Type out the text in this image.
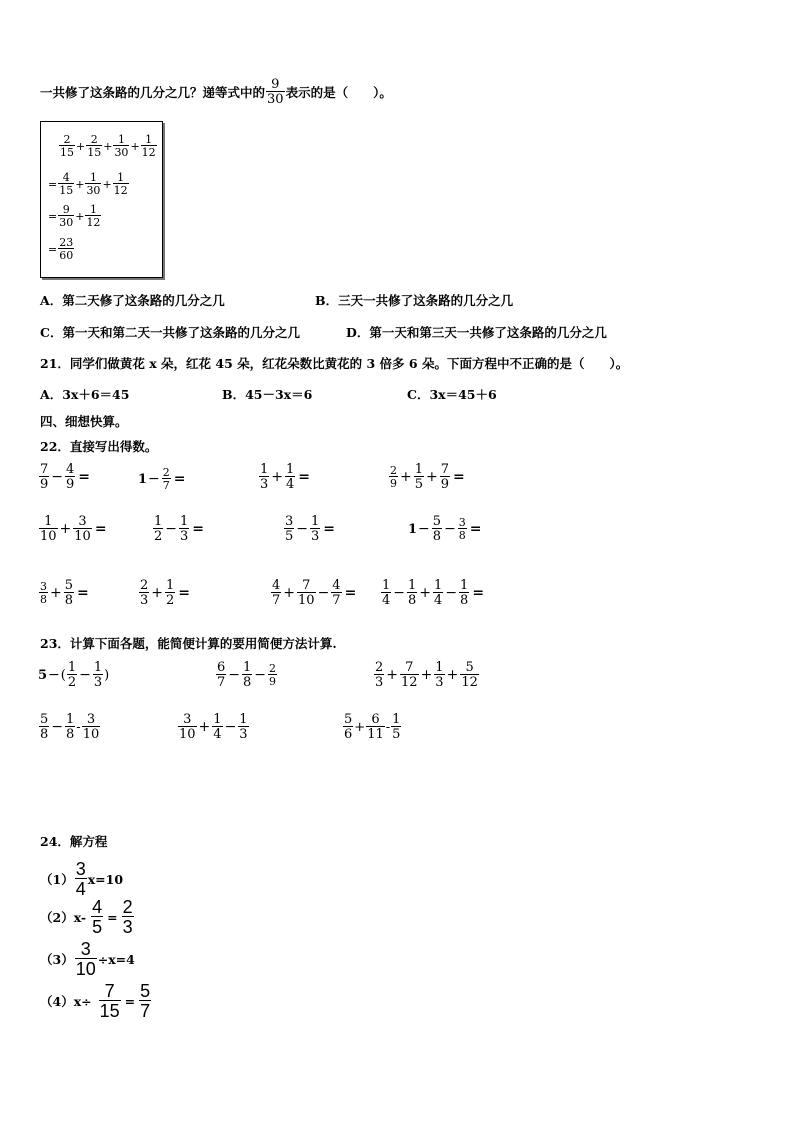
一共修了这条路的几分之几？递等式中的 $\frac{9}{30}$ 表示的是（　　）。
$\frac{2}{15} + \frac{2}{15} + \frac{1}{30} + \frac{1}{12}$
= $\frac{4}{15} + \frac{1}{30} + \frac{1}{12}$
= $\frac{9}{30} + \frac{1}{12}$
= $\frac{23}{60}$
A．第二天修了这条路的几分之几	B．三天一共修了这条路的几分之几
C．第一天和第二天一共修了这条路的几分之几	D．第一天和第三天一共修了这条路的几分之几
21．同学们做黄花 x 朵，红花 45 朵，红花朵数比黄花的 3 倍多 6 朵。下面方程中不正确的是（　　）。
A．3x＋6＝45	B．45－3x＝6	C．3x＝45＋6
四、细想快算。
22．直接写出得数。
$\frac{7}{9} - \frac{4}{9}$ =	$1 - \frac{2}{7}$ =	$\frac{1}{3} + \frac{1}{4}$ =	$\frac{2}{9} + \frac{1}{5} + \frac{7}{9}$ =
$\frac{1}{10} + \frac{3}{10}$ =	$\frac{1}{2} - \frac{1}{3}$ =	$\frac{3}{5} - \frac{1}{3}$ =	$1 - \frac{5}{8} - \frac{3}{8}$ =
$\frac{3}{8} + \frac{5}{8}$ =	$\frac{2}{3} + \frac{1}{2}$ =	$\frac{4}{7} + \frac{7}{10} - \frac{4}{7} = \frac{1}{4} - \frac{1}{8} + \frac{1}{4} - \frac{1}{8}$ =
23．计算下面各题，能简便计算的要用简便方法计算.
5 − ( $\frac{1}{2} - \frac{1}{3}$ )	$\frac{6}{7} - \frac{1}{8} - \frac{2}{9}$	$\frac{2}{3} + \frac{7}{12} + \frac{1}{3} + \frac{5}{12}$
$\frac{5}{8} - \frac{1}{8} - \frac{3}{10}$	$\frac{3}{10} + \frac{1}{4} - \frac{1}{3}$	$\frac{5}{6} + \frac{6}{11} - \frac{1}{5}$
24．解方程
$(1) \frac{3}{4} x=10$
（2） $x- \frac{4}{5} = \frac{2}{3}$
$(3) \frac{3}{10} \div x=4$
（4） $x\div \frac{7}{15} = \frac{5}{7}$
